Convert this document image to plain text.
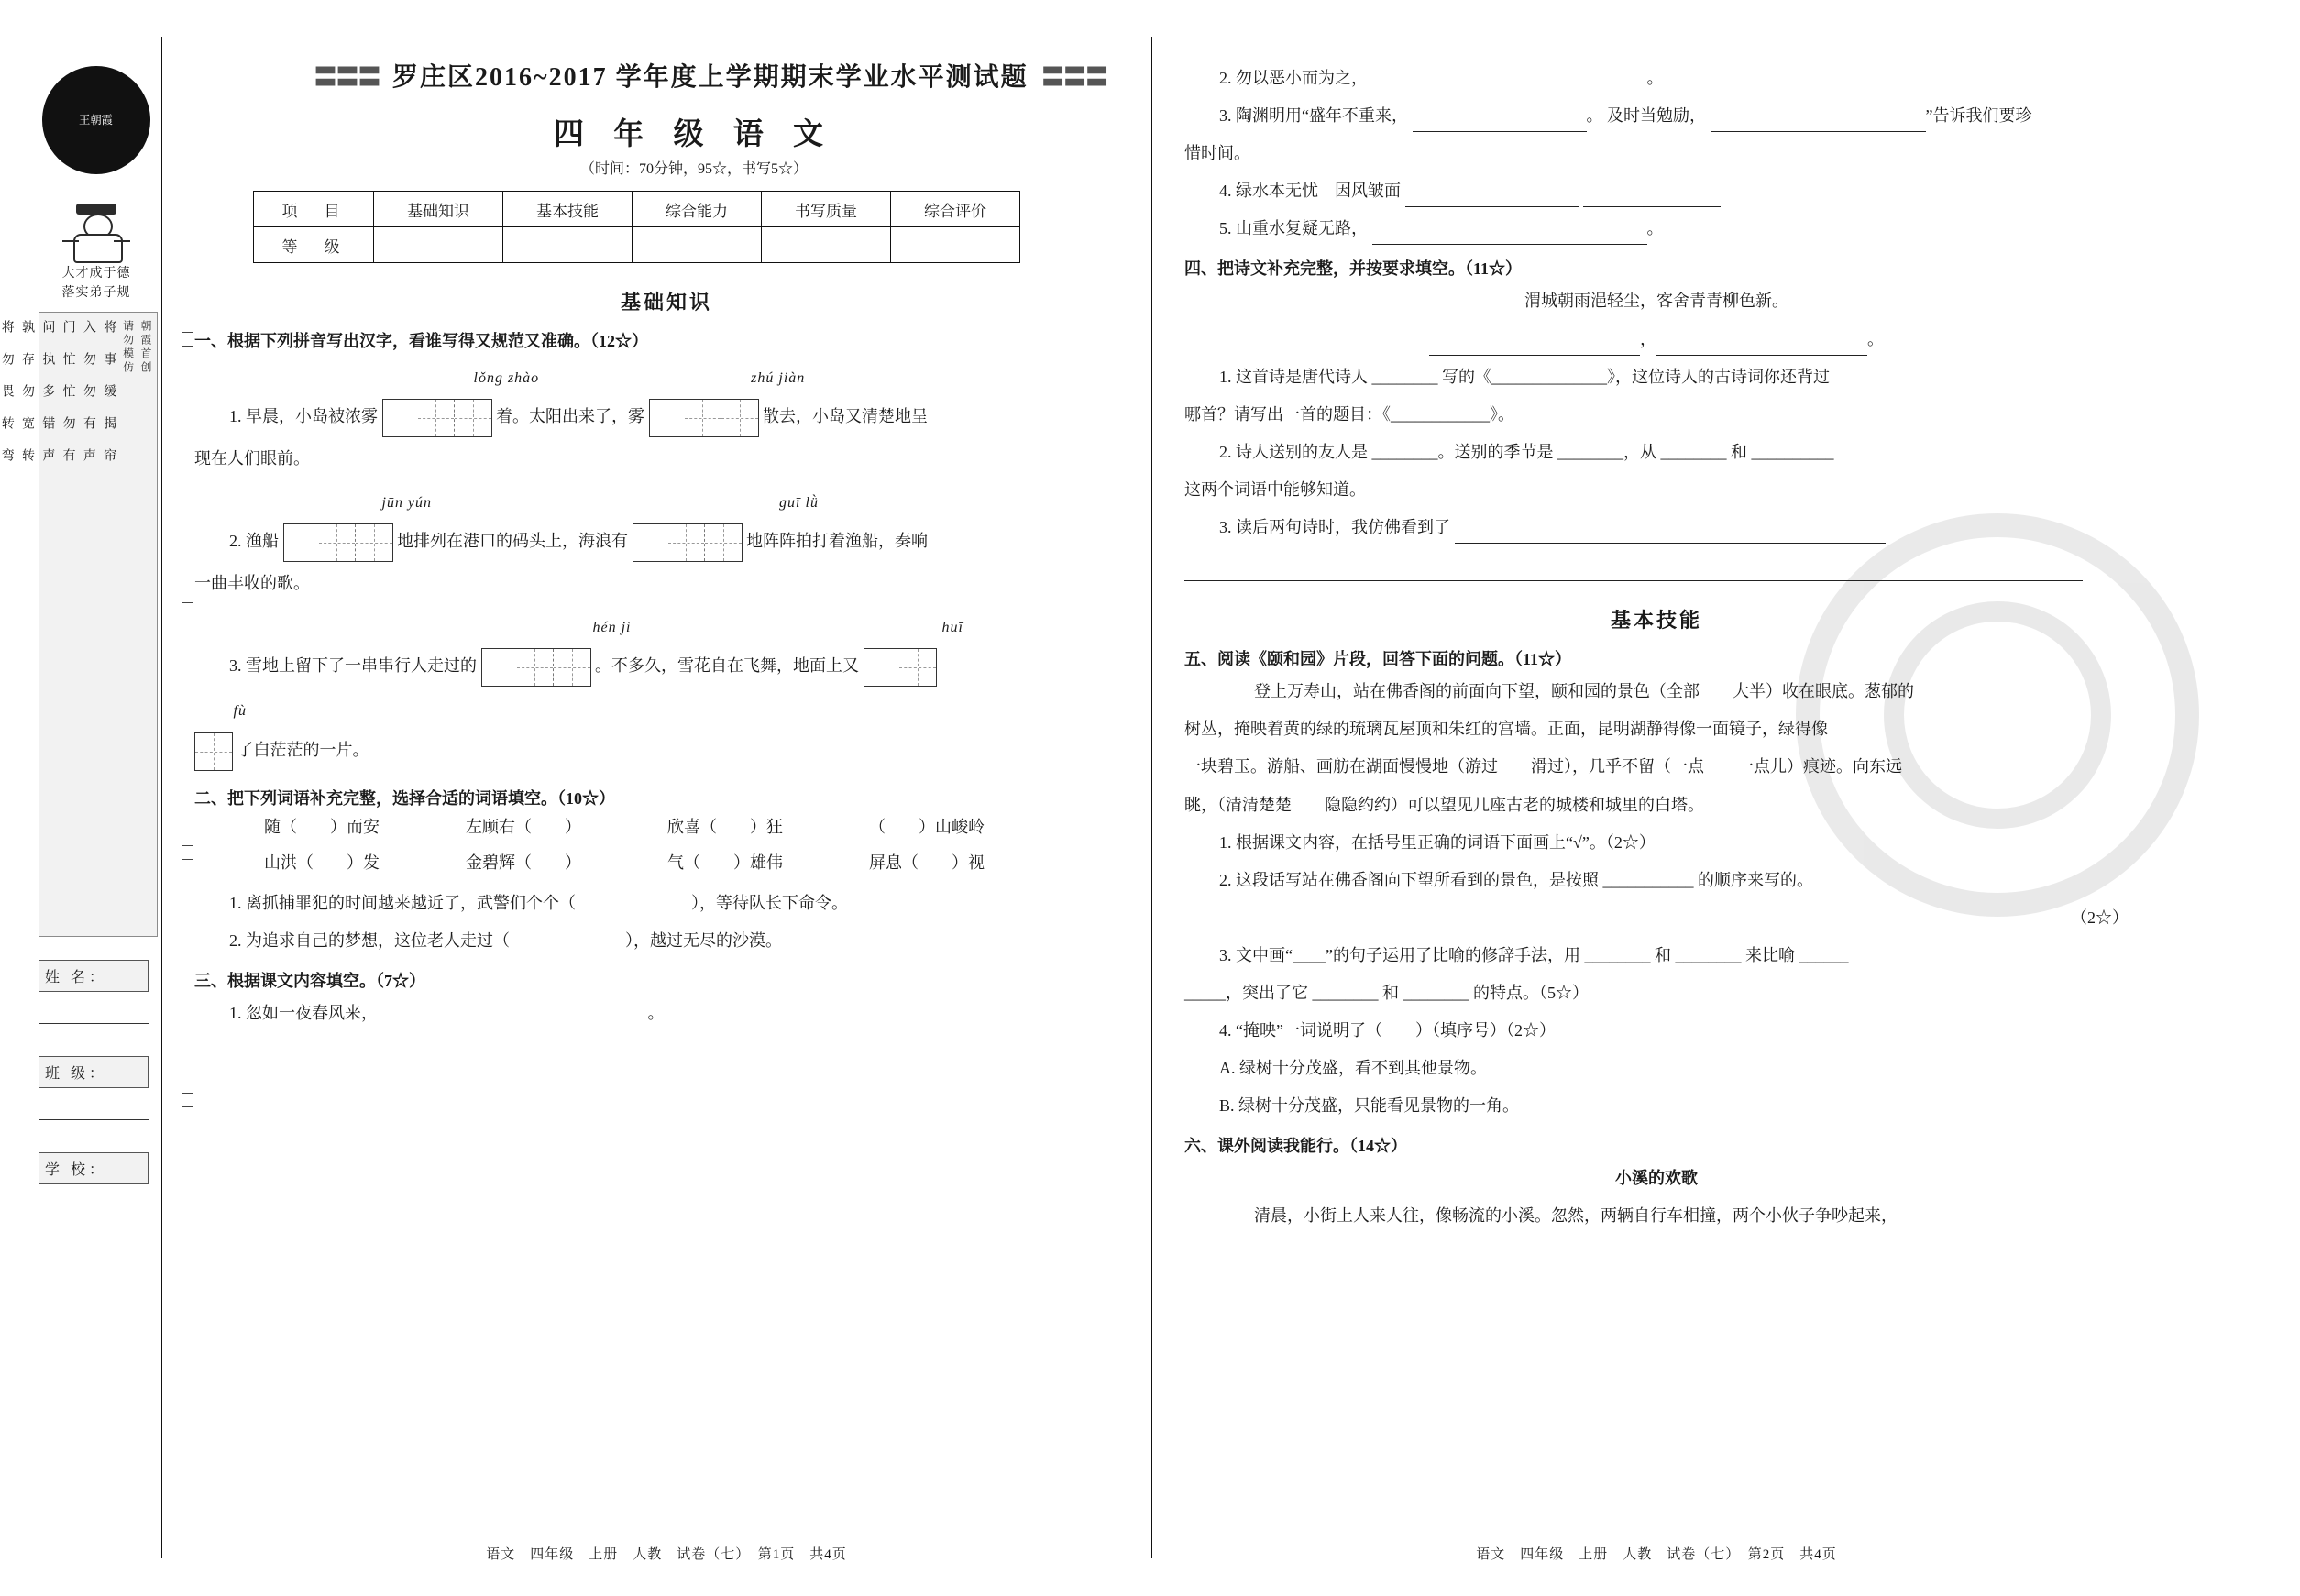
王朝霞
大才成于德
落实弟子规
朝霞首创
请勿模仿
将 事 缓 揭 帘
入 勿 勿 有 声
门 忙 忙 勿 有
问 执 多 错 声
孰 存 勿 宽 转
将 勿 畏 转 弯
姓 名：
班 级：
学 校：
〓〓〓 罗庄区2016~2017 学年度上学期期末学业水平测试题 〓〓〓
四 年 级 语 文
（时间：70分钟，95☆，书写5☆）
项　目	基础知识	基本技能	综合能力	书写质量	综合评价
等　级					
基础知识
一、根据下列拼音写出汉字，看谁写得又规范又准确。（12☆）
lǒng zhào	zhú jiàn
1. 早晨，小岛被浓雾	着。太阳出来了，雾	散去，小岛又清楚地呈
现在人们眼前。
jūn yún	guī lǜ
2. 渔船	地排列在港口的码头上，海浪有	地阵阵拍打着渔船，奏响
一曲丰收的歌。
hén jì	huī
3. 雪地上留下了一串串行人走过的	。不多久，雪花自在飞舞，地面上又
fù
了白茫茫的一片。
二、把下列词语补充完整，选择合适的词语填空。（10☆）
随（　　）而安	左顾右（　　）	欣喜（　　）狂	（　　）山峻岭
山洪（　　）发	金碧辉（　　）	气（　　）雄伟	屏息（　　）视
1. 离抓捕罪犯的时间越来越近了，武警们个个（　　　　　　　），等待队长下命令。
2. 为追求自己的梦想，这位老人走过（　　　　　　　），越过无尽的沙漠。
三、根据课文内容填空。（7☆）
1. 忽如一夜春风来，	。
语文　四年级　上册　人教　试卷（七）　第1页　共4页
2. 勿以恶小而为之，	。
3. 陶渊明用“盛年不重来，	。 及时当勉励，	”告诉我们要珍
惜时间。
4. 绿水本无忧　因风皱面
5. 山重水复疑无路，	。
四、把诗文补充完整，并按要求填空。（11☆）
渭城朝雨浥轻尘，客舍青青柳色新。
，	。
1. 这首诗是唐代诗人 ________ 写的《______________》，这位诗人的古诗词你还背过
哪首？请写出一首的题目：《____________》。
2. 诗人送别的友人是 ________。送别的季节是 ________，从 ________ 和 __________
这两个词语中能够知道。
3. 读后两句诗时，我仿佛看到了
基本技能
五、阅读《颐和园》片段，回答下面的问题。（11☆）
登上万寿山，站在佛香阁的前面向下望，颐和园的景色（全部　　大半）收在眼底。葱郁的
树丛，掩映着黄的绿的琉璃瓦屋顶和朱红的宫墙。正面，昆明湖静得像一面镜子，绿得像
一块碧玉。游船、画舫在湖面慢慢地（游过　　滑过），几乎不留（一点　　一点儿）痕迹。向东远
眺，（清清楚楚　　隐隐约约）可以望见几座古老的城楼和城里的白塔。
1. 根据课文内容，在括号里正确的词语下面画上“√”。（2☆）
2. 这段话写站在佛香阁向下望所看到的景色，是按照 ___________ 的顺序来写的。
（2☆）
3. 文中画“＿＿”的句子运用了比喻的修辞手法，用 ________ 和 ________ 来比喻 ______
_____，突出了它 ________ 和 ________ 的特点。（5☆）
4. “掩映”一词说明了（　　）（填序号）（2☆）
A. 绿树十分茂盛，看不到其他景物。
B. 绿树十分茂盛，只能看见景物的一角。
六、课外阅读我能行。（14☆）
小溪的欢歌
清晨，小街上人来人往，像畅流的小溪。忽然，两辆自行车相撞，两个小伙子争吵起来，
语文　四年级　上册　人教　试卷（七）　第2页　共4页
